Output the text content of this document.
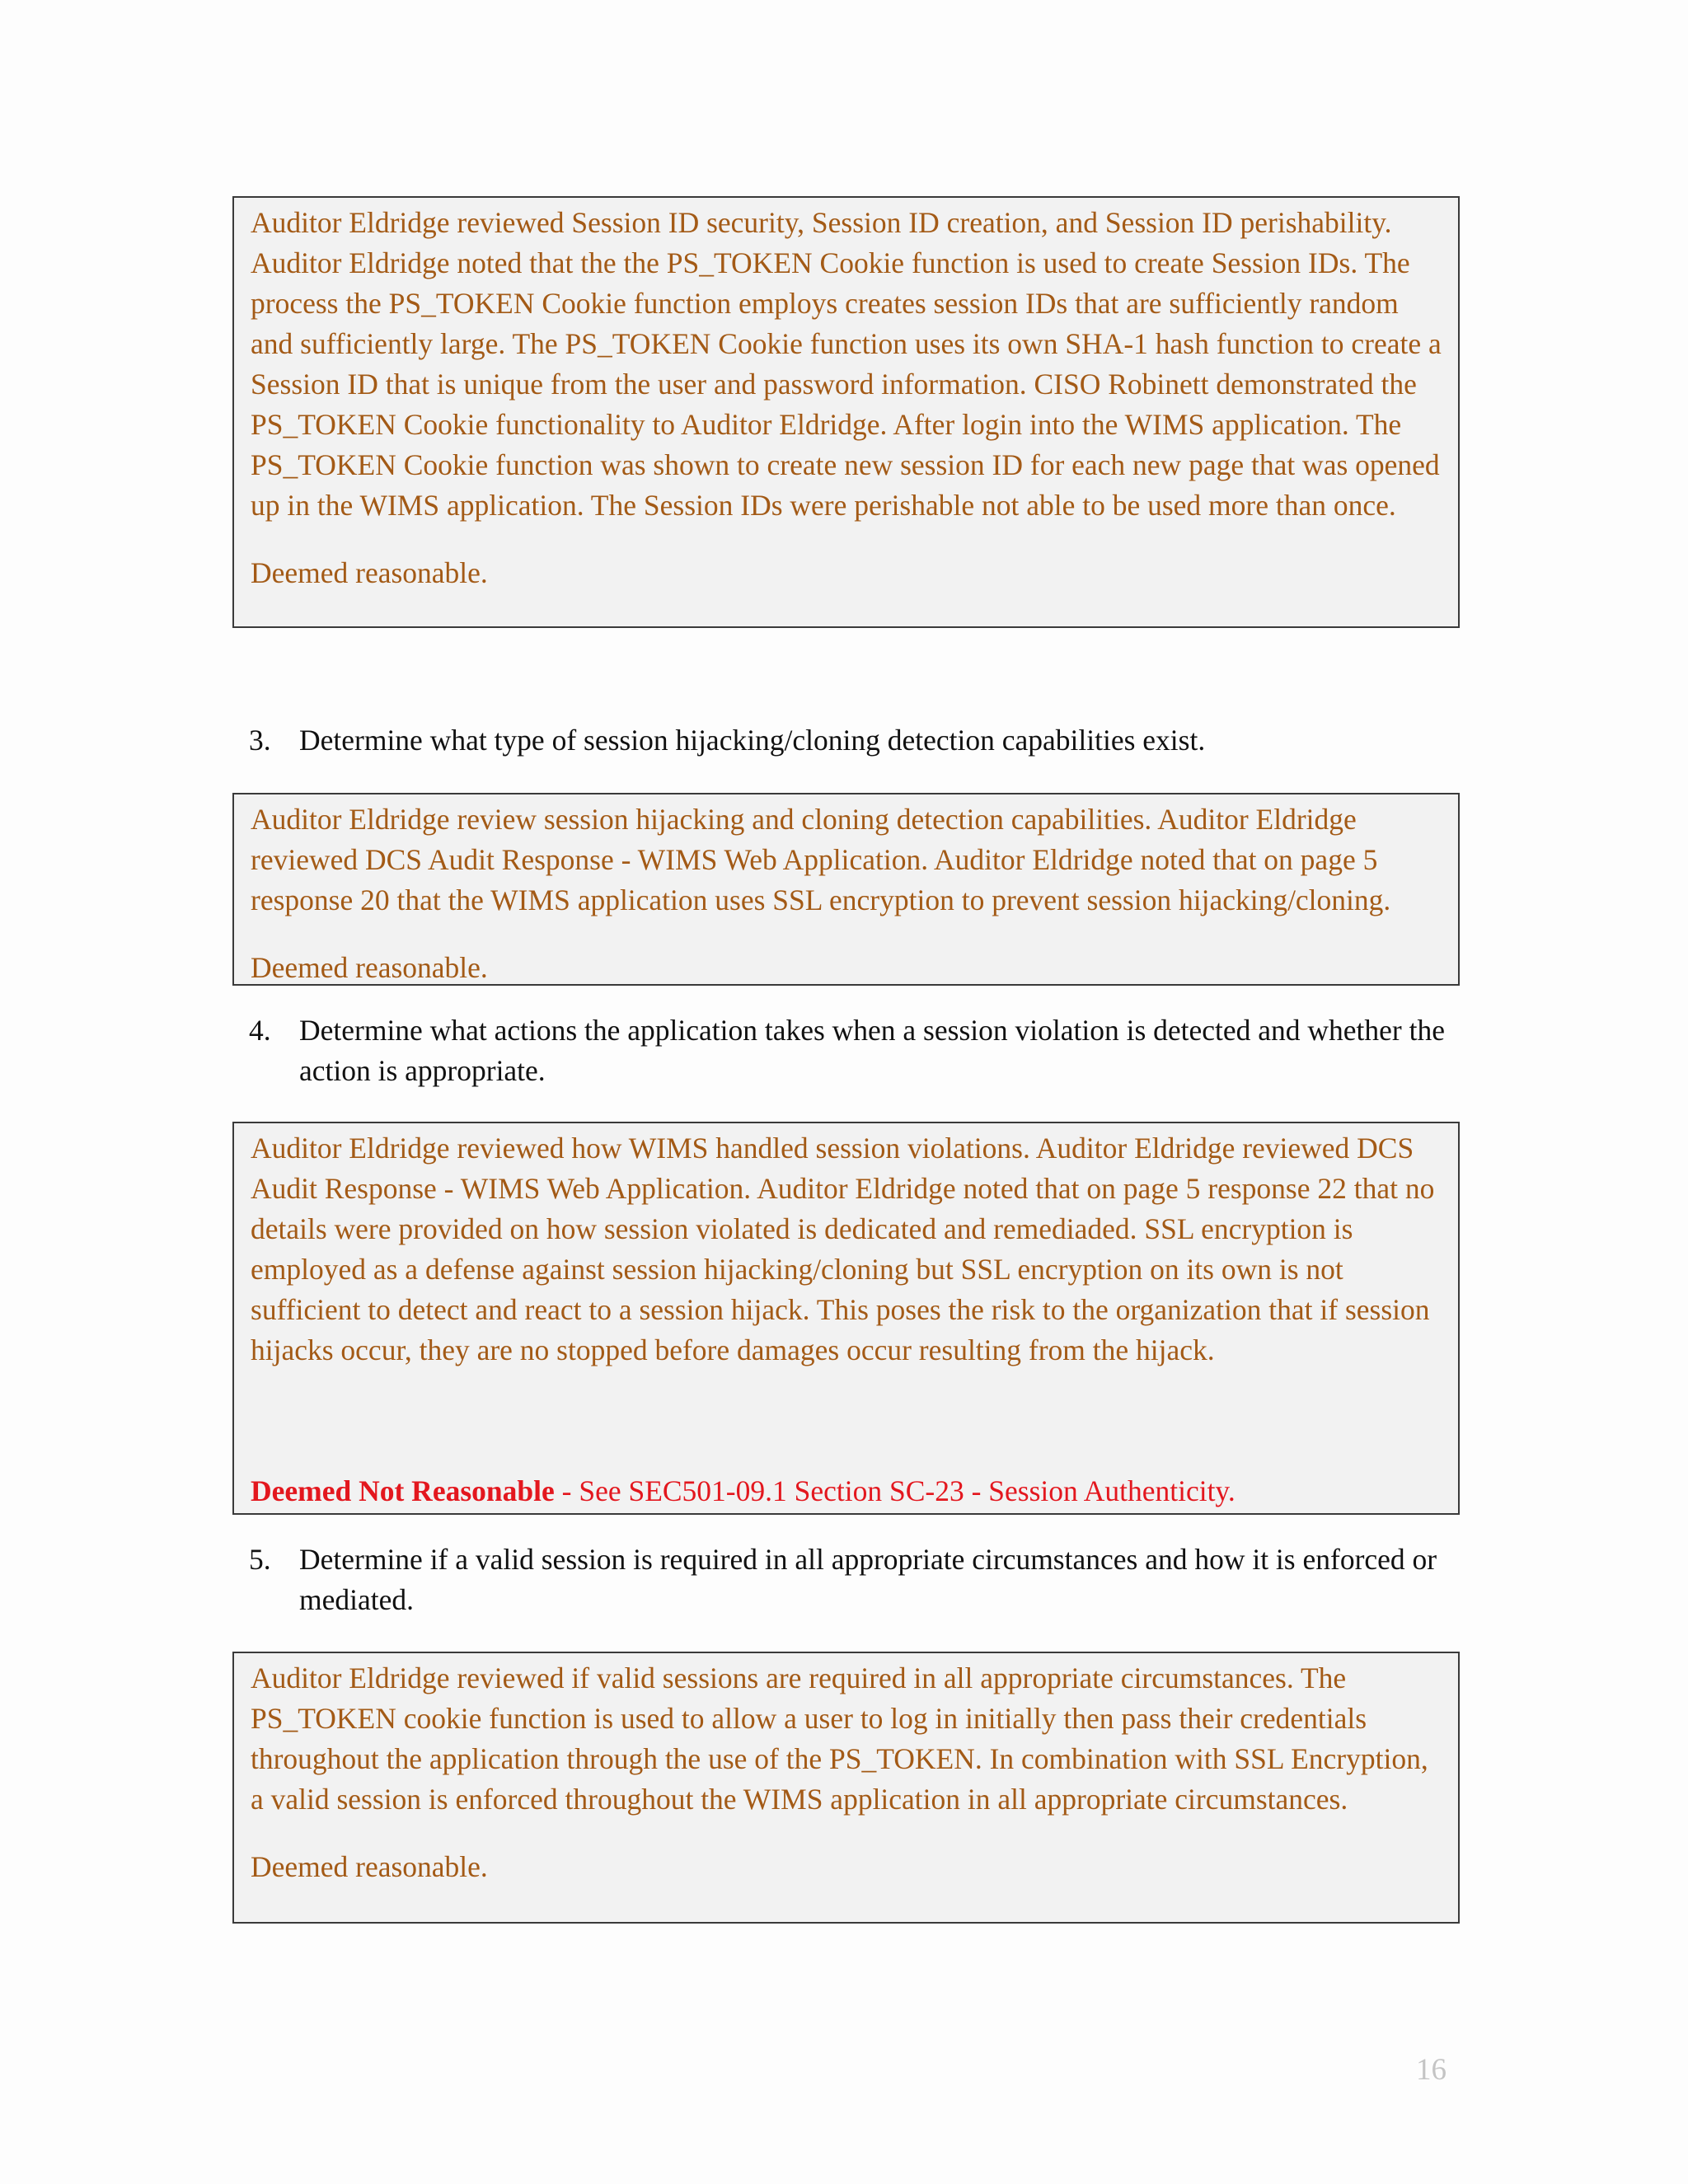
Auditor Eldridge reviewed Session ID security, Session ID creation, and Session ID perishability. Auditor Eldridge noted that the the PS_TOKEN Cookie function is used to create Session IDs. The process the PS_TOKEN Cookie function employs creates session IDs that are sufficiently random and sufficiently large. The PS_TOKEN Cookie function uses its own SHA-1 hash function to create a Session ID that is unique from the user and password information. CISO Robinett demonstrated the PS_TOKEN Cookie functionality to Auditor Eldridge. After login into the WIMS application. The PS_TOKEN Cookie function was shown to create new session ID for each new page that was opened up in the WIMS application. The Session IDs were perishable not able to be used more than once.

Deemed reasonable.

3. Determine what type of session hijacking/cloning detection capabilities exist.

Auditor Eldridge review session hijacking and cloning detection capabilities. Auditor Eldridge reviewed DCS Audit Response - WIMS Web Application. Auditor Eldridge noted that on page 5 response 20 that the WIMS application uses SSL encryption to prevent session hijacking/cloning.

Deemed reasonable.

4. Determine what actions the application takes when a session violation is detected and whether the action is appropriate.

Auditor Eldridge reviewed how WIMS handled session violations. Auditor Eldridge reviewed DCS Audit Response - WIMS Web Application. Auditor Eldridge noted that on page 5 response 22 that no details were provided on how session violated is dedicated and remediaded. SSL encryption is employed as a defense against session hijacking/cloning but SSL encryption on its own is not sufficient to detect and react to a session hijack. This poses the risk to the organization that if session hijacks occur, they are no stopped before damages occur resulting from the hijack.

Deemed Not Reasonable - See SEC501-09.1 Section SC-23 - Session Authenticity.

5. Determine if a valid session is required in all appropriate circumstances and how it is enforced or mediated.

Auditor Eldridge reviewed if valid sessions are required in all appropriate circumstances. The PS_TOKEN cookie function is used to allow a user to log in initially then pass their credentials throughout the application through the use of the PS_TOKEN. In combination with SSL Encryption, a valid session is enforced throughout the WIMS application in all appropriate circumstances.

Deemed reasonable.

16
